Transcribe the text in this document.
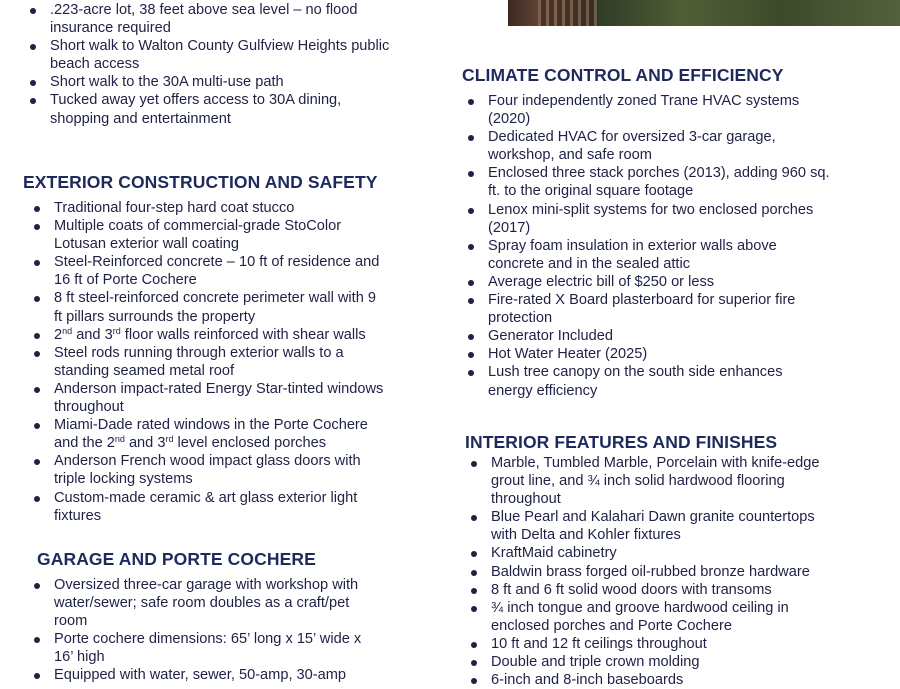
.223-acre lot, 38 feet above sea level – no flood
insurance required
Short walk to Walton County Gulfview Heights public
beach access
Short walk to the 30A multi-use path
Tucked away yet offers access to 30A dining,
shopping and entertainment
EXTERIOR CONSTRUCTION AND SAFETY
Traditional four-step hard coat stucco
Multiple coats of commercial-grade StoColor
Lotusan exterior wall coating
Steel-Reinforced concrete – 10 ft of residence and
16 ft of Porte Cochere
8 ft steel-reinforced concrete perimeter wall with 9
ft pillars surrounds the property
2nd and 3rd floor walls reinforced with shear walls
Steel rods running through exterior walls to a
standing seamed metal roof
Anderson impact-rated Energy Star-tinted windows
throughout
Miami-Dade rated windows in the Porte Cochere
and the 2nd and 3rd level enclosed porches
Anderson French wood impact glass doors with
triple locking systems
Custom-made ceramic & art glass exterior light
fixtures
GARAGE AND PORTE COCHERE
Oversized three-car garage with workshop with
water/sewer; safe room doubles as a craft/pet
room
Porte cochere dimensions: 65’ long x 15’ wide x
16’ high
Equipped with water, sewer, 50-amp, 30-amp
CLIMATE CONTROL AND EFFICIENCY
Four independently zoned Trane HVAC systems
(2020)
Dedicated HVAC for oversized 3-car garage,
workshop, and safe room
Enclosed three stack porches (2013), adding 960 sq.
ft. to the original square footage
Lenox mini-split systems for two enclosed porches
(2017)
Spray foam insulation in exterior walls above
concrete and in the sealed attic
Average electric bill of $250 or less
Fire-rated X Board plasterboard for superior fire
protection
Generator Included
Hot Water Heater (2025)
Lush tree canopy on the south side enhances
energy efficiency
INTERIOR FEATURES AND FINISHES
Marble, Tumbled Marble, Porcelain with knife-edge
grout line, and ¾ inch solid hardwood flooring
throughout
Blue Pearl and Kalahari Dawn granite countertops
with Delta and Kohler fixtures
KraftMaid cabinetry
Baldwin brass forged oil-rubbed bronze hardware
8 ft and 6 ft solid wood doors with transoms
¾ inch tongue and groove hardwood ceiling in
enclosed porches and Porte Cochere
10 ft and 12 ft ceilings throughout
Double and triple crown molding
6-inch and 8-inch baseboards
